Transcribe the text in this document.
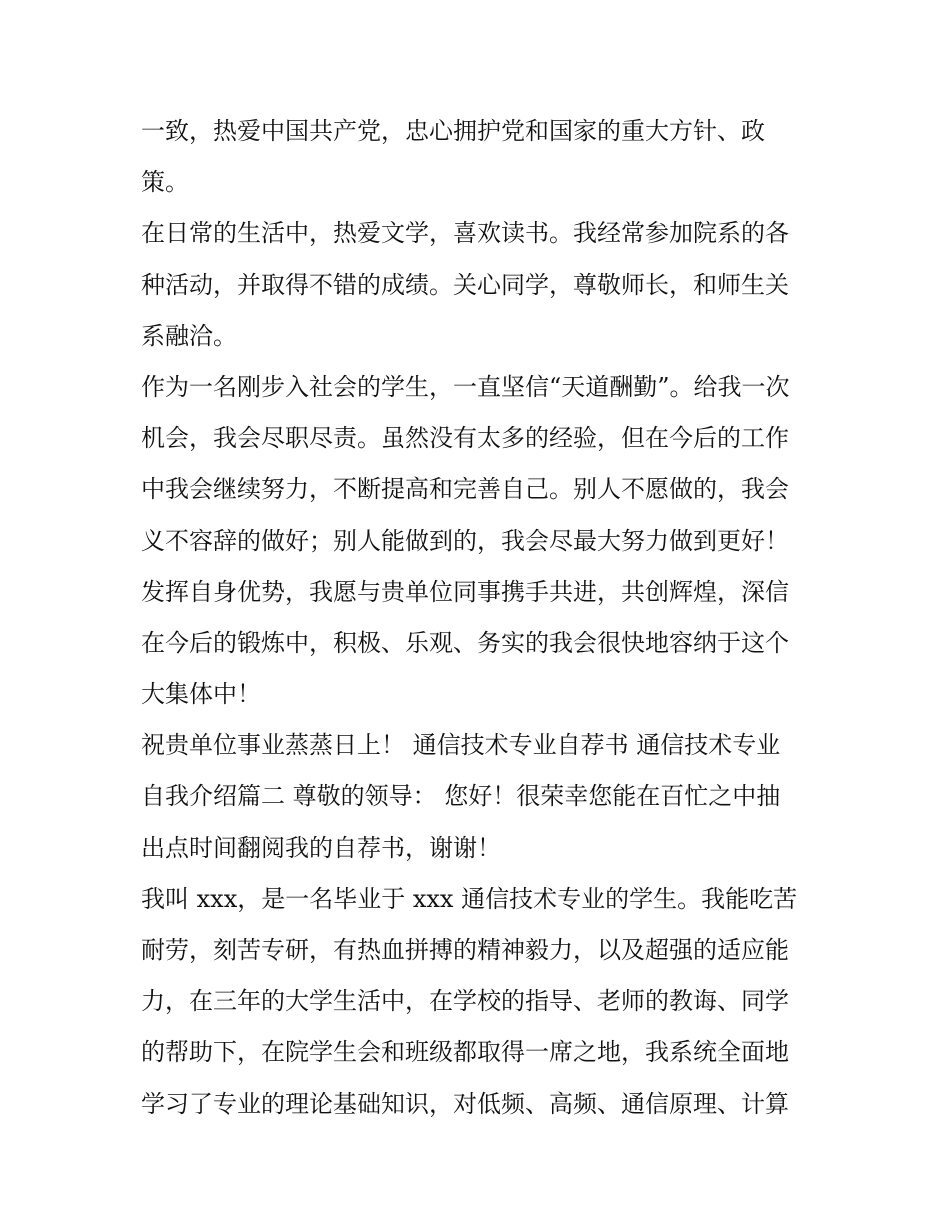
一致，热爱中国共产党，忠心拥护党和国家的重大方针、政
策。
在日常的生活中，热爱文学，喜欢读书。我经常参加院系的各
种活动，并取得不错的成绩。关心同学，尊敬师长，和师生关
系融洽。
作为一名刚步入社会的学生，一直坚信“天道酬勤”。给我一次
机会，我会尽职尽责。虽然没有太多的经验，但在今后的工作
中我会继续努力，不断提高和完善自己。别人不愿做的，我会
义不容辞的做好；别人能做到的，我会尽最大努力做到更好！
发挥自身优势，我愿与贵单位同事携手共进，共创辉煌，深信
在今后的锻炼中，积极、乐观、务实的我会很快地容纳于这个
大集体中！
祝贵单位事业蒸蒸日上！ 通信技术专业自荐书 通信技术专业
自我介绍篇二 尊敬的领导： 您好！很荣幸您能在百忙之中抽
出点时间翻阅我的自荐书，谢谢！
我叫 xxx，是一名毕业于 xxx 通信技术专业的学生。我能吃苦
耐劳，刻苦专研，有热血拼搏的精神毅力，以及超强的适应能
力，在三年的大学生活中，在学校的指导、老师的教诲、同学
的帮助下，在院学生会和班级都取得一席之地，我系统全面地
学习了专业的理论基础知识，对低频、高频、通信原理、计算
